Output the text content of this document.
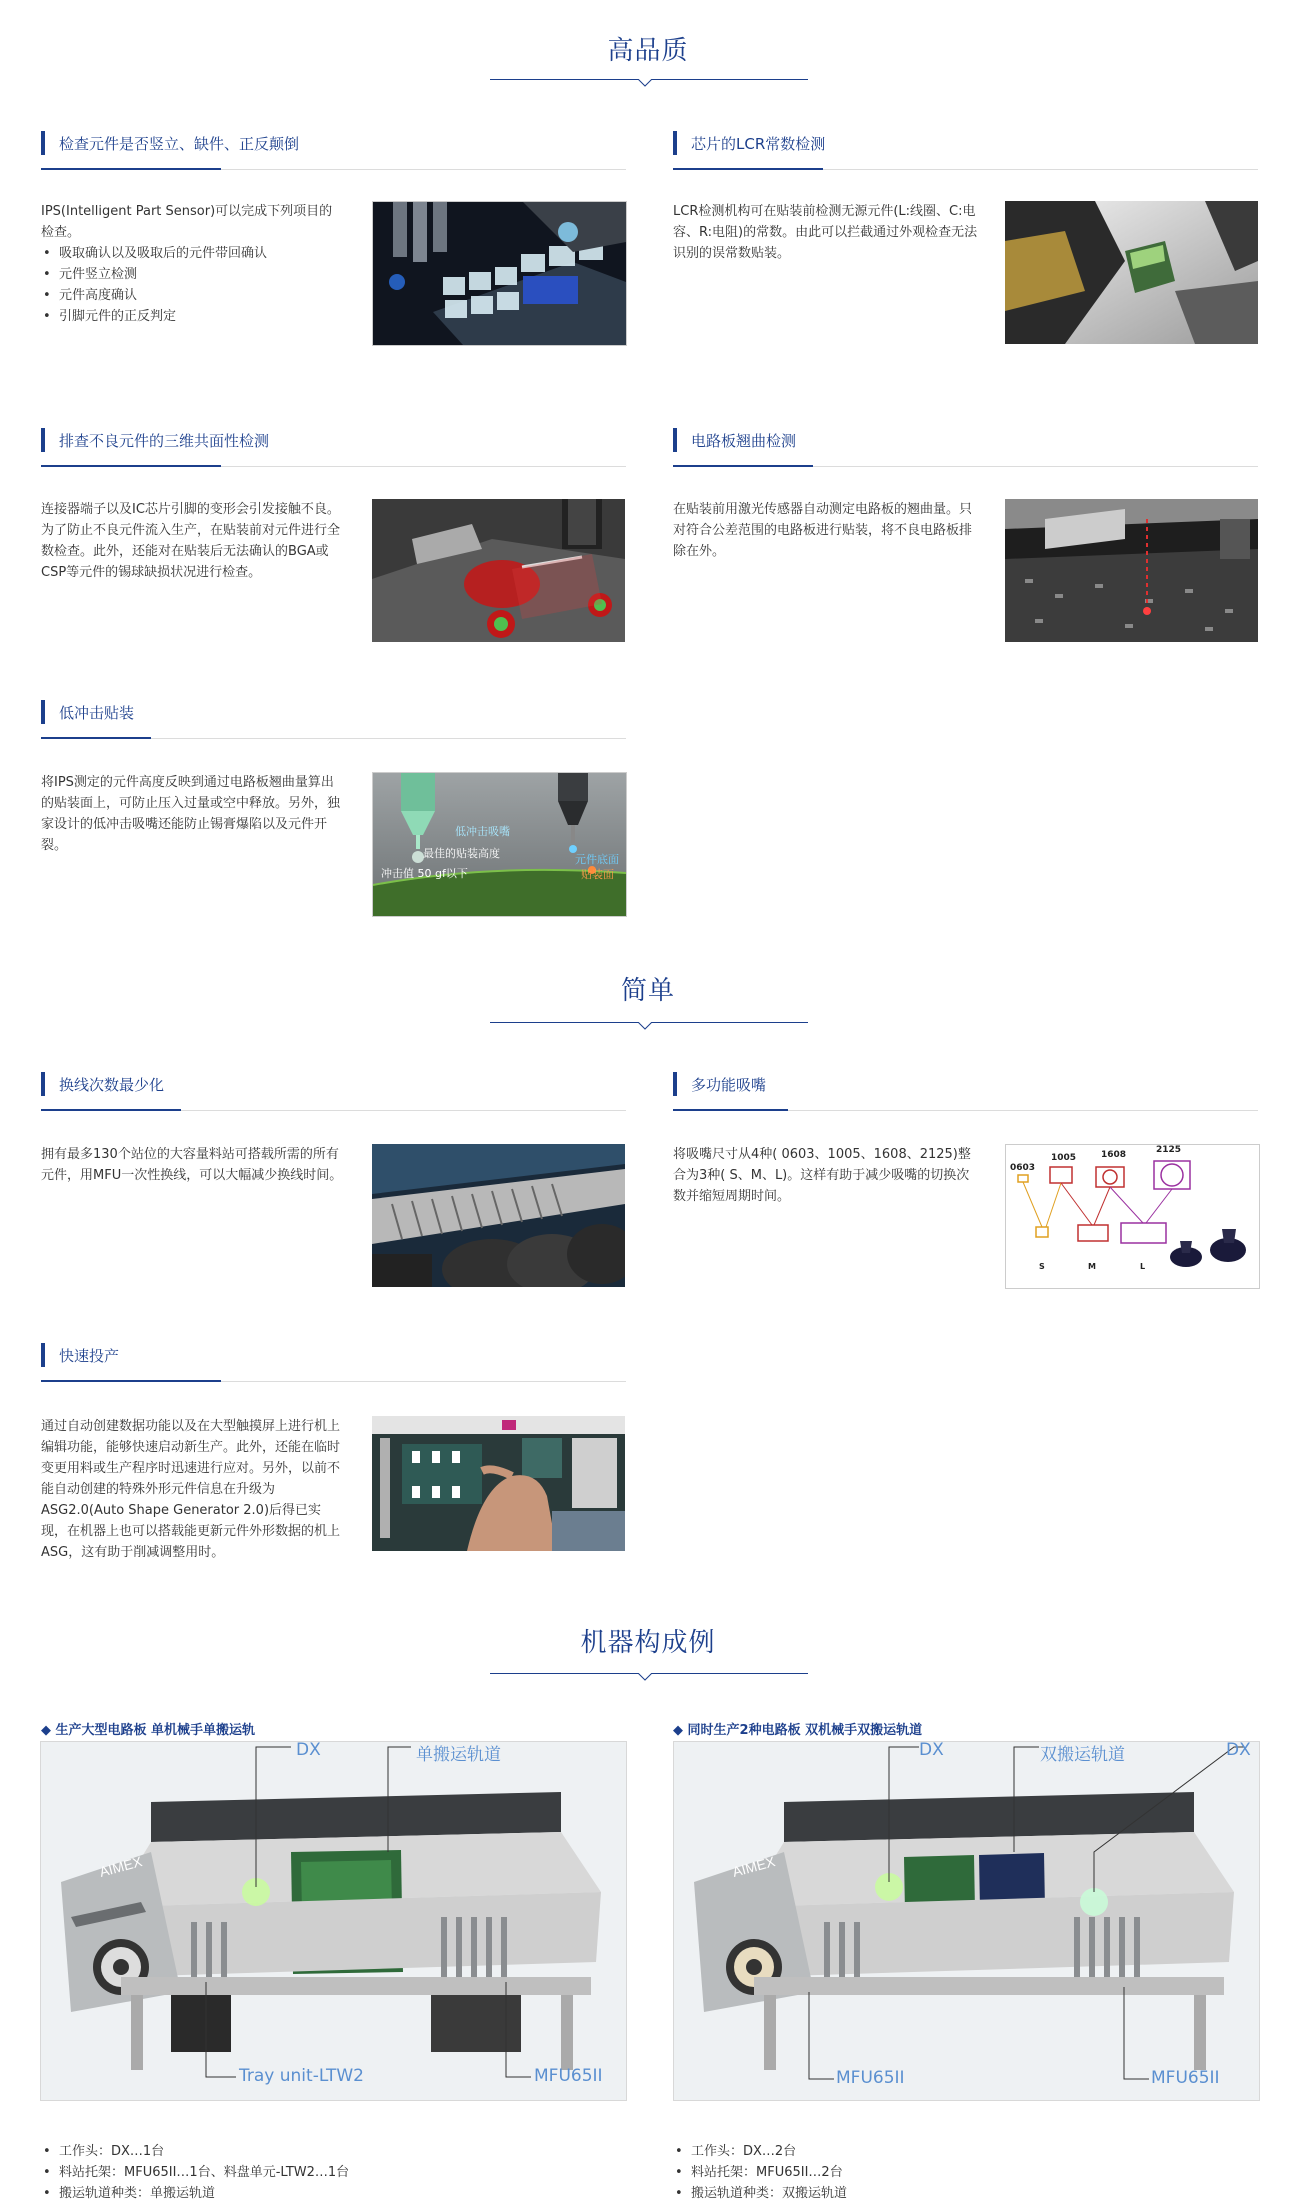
高品质
检查元件是否竖立、缺件、正反颠倒
IPS(Intelligent Part Sensor)可以完成下列项目的检查。
• 吸取确认以及吸取后的元件带回确认
• 元件竖立检测
• 元件高度确认
• 引脚元件的正反判定
芯片的LCR常数检测
LCR检测机构可在贴装前检测无源元件(L:线圈、C:电容、R:电阻)的常数。由此可以拦截通过外观检查无法识别的误常数贴装。
排查不良元件的三维共面性检测
连接器端子以及IC芯片引脚的变形会引发接触不良。为了防止不良元件流入生产，在贴装前对元件进行全数检查。此外，还能对在贴装后无法确认的BGA或CSP等元件的锡球缺损状况进行检查。
电路板翘曲检测
在贴装前用激光传感器自动测定电路板的翘曲量。只对符合公差范围的电路板进行贴装，将不良电路板排除在外。
低冲击贴装
将IPS测定的元件高度反映到通过电路板翘曲量算出的贴装面上，可防止压入过量或空中释放。另外，独家设计的低冲击吸嘴还能防止锡膏爆陷以及元件开裂。
低冲击吸嘴
最佳的贴装高度
冲击值 50 gf以下
元件底面
贴装面
简单
换线次数最少化
拥有最多130个站位的大容量料站可搭载所需的所有元件，用MFU一次性换线，可以大幅减少换线时间。
多功能吸嘴
将吸嘴尺寸从4种( 0603、1005、1608、2125)整合为3种( S、M、L)。这样有助于减少吸嘴的切换次数并缩短周期时间。
0603
1005	1608	2125
S	M	L
快速投产
通过自动创建数据功能以及在大型触摸屏上进行机上编辑功能，能够快速启动新生产。此外，还能在临时变更用料或生产程序时迅速进行应对。另外，以前不能自动创建的特殊外形元件信息在升级为ASG2.0(Auto Shape Generator 2.0)后得已实现，在机器上也可以搭载能更新元件外形数据的机上ASG，这有助于削减调整用时。
机器构成例
◆ 生产大型电路板 单机械手单搬运轨
AIMEX
DX	单搬运轨道
Tray unit-LTW2	MFU65II
• 工作头：DX…1台
• 料站托架：MFU65II…1台、料盘单元-LTW2…1台
• 搬运轨道种类：单搬运轨道
◆ 同时生产2种电路板 双机械手双搬运轨道
AIMEX
DX	双搬运轨道	DX
MFU65II	MFU65II
• 工作头：DX…2台
• 料站托架：MFU65II…2台
• 搬运轨道种类：双搬运轨道
